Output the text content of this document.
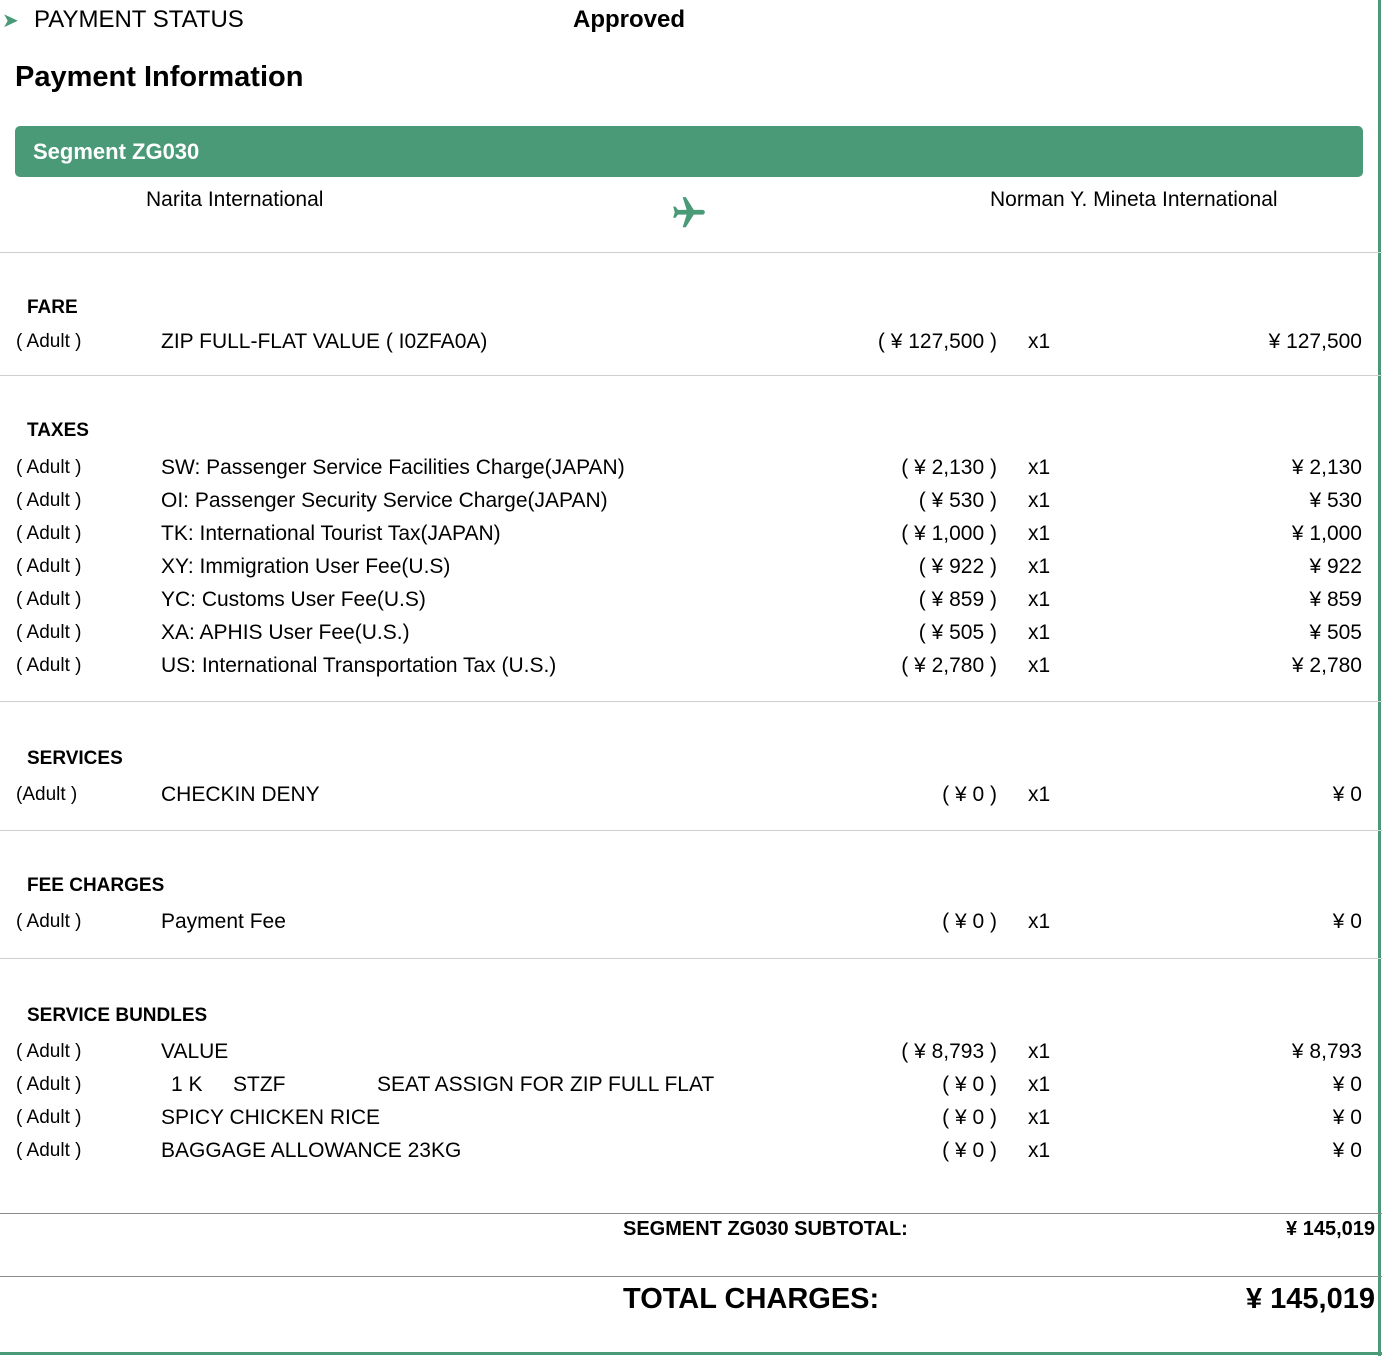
➤ PAYMENT STATUS	Approved
Payment Information
Segment ZG030
Narita International	Norman Y. Mineta International
FARE
( Adult )	ZIP FULL-FLAT VALUE ( I0ZFA0A)	( ¥ 127,500 ) x1	¥ 127,500
TAXES
( Adult )	SW: Passenger Service Facilities Charge(JAPAN)	( ¥ 2,130 ) x1	¥ 2,130
( Adult )	OI: Passenger Security Service Charge(JAPAN)	( ¥ 530 ) x1	¥ 530
( Adult )	TK: International Tourist Tax(JAPAN)	( ¥ 1,000 ) x1	¥ 1,000
( Adult )	XY: Immigration User Fee(U.S)	( ¥ 922 ) x1	¥ 922
( Adult )	YC: Customs User Fee(U.S)	( ¥ 859 ) x1	¥ 859
( Adult )	XA: APHIS User Fee(U.S.)	( ¥ 505 ) x1	¥ 505
( Adult )	US: International Transportation Tax (U.S.)	( ¥ 2,780 ) x1	¥ 2,780
SERVICES
(Adult )	CHECKIN DENY	( ¥ 0 ) x1	¥ 0
FEE CHARGES
( Adult )	Payment Fee	( ¥ 0 ) x1	¥ 0
SERVICE BUNDLES
( Adult )	VALUE	( ¥ 8,793 ) x1	¥ 8,793
( Adult )	1 K STZF	SEAT ASSIGN FOR ZIP FULL FLAT	( ¥ 0 ) x1	¥ 0
( Adult )	SPICY CHICKEN RICE	( ¥ 0 ) x1	¥ 0
( Adult )	BAGGAGE ALLOWANCE 23KG	( ¥ 0 ) x1	¥ 0
SEGMENT ZG030 SUBTOTAL:	¥ 145,019
TOTAL CHARGES:	¥ 145,019
